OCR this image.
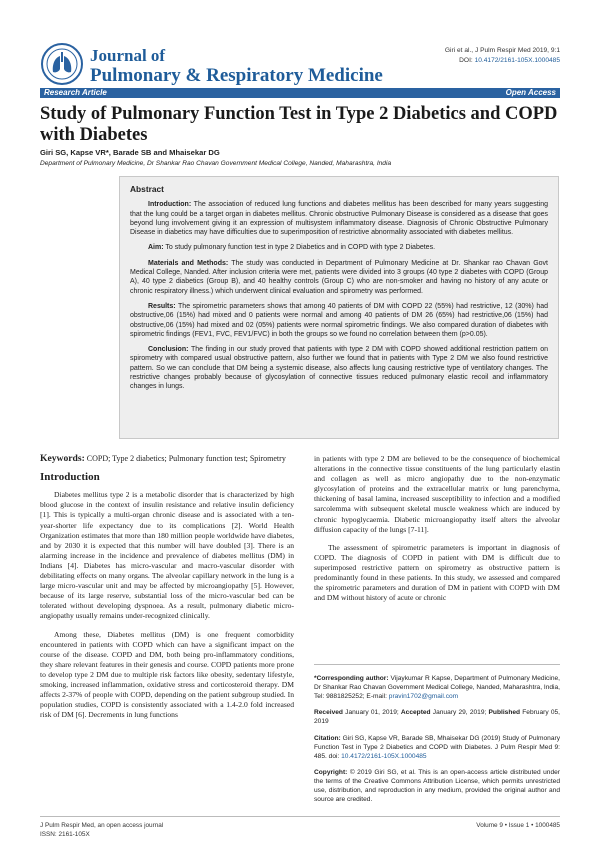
Journal of
Pulmonary & Respiratory Medicine
Giri et al., J Pulm Respir Med 2019, 9:1
DOI: 10.4172/2161-105X.1000485
Research Article	Open Access
Study of Pulmonary Function Test in Type 2 Diabetics and COPD with Diabetes
Giri SG, Kapse VR*, Barade SB and Mhaisekar DG
Department of Pulmonary Medicine, Dr Shankar Rao Chavan Government Medical College, Nanded, Maharashtra, India
Abstract

Introduction: The association of reduced lung functions and diabetes mellitus has been described for many years suggesting that the lung could be a target organ in diabetes mellitus. Chronic obstructive Pulmonary Disease is considered as a disease that goes beyond lung involvement giving it an expression of multisystem inflammatory disease. Diagnosis of Chronic Obstructive Pulmonary Disease in diabetics may have difficulties due to superimposition of restrictive abnormality associated with diabetes mellitus.

Aim: To study pulmonary function test in type 2 Diabetics and in COPD with type 2 Diabetes.

Materials and Methods: The study was conducted in Department of Pulmonary Medicine at Dr. Shankar rao Chavan Govt Medical College, Nanded. After inclusion criteria were met, patients were divided into 3 groups (40 type 2 diabetes with COPD (Group A), 40 type 2 diabetics (Group B), and 40 healthy controls (Group C) who are non-smoker and having no history of any acute or chronic respiratory illness.) which underwent clinical evaluation and spirometry was performed.

Results: The spirometric parameters shows that among 40 patients of DM with COPD 22 (55%) had restrictive, 12 (30%) had obstructive,06 (15%) had mixed and 0 patients were normal and among 40 patients of DM 26 (65%) had restrictive,06 (15%) had obstructive,06 (15%) had mixed and 02 (05%) patients were normal spirometric findings. We also compared duration of diabetes with spirometric findings (FEV1, FVC, FEV1/FVC) in both the groups so we found no correlation between them (p>0.05).

Conclusion: The finding in our study proved that patients with type 2 DM with COPD showed additional restriction pattern on spirometry with compared usual obstructive pattern, also further we found that in patients with Type 2 DM we also found restrictive pattern. So we can conclude that DM being a systemic disease, also affects lung causing restrictive type of ventilatory changes. The restrictive changes probably because of glycosylation of connective tissues reduced pulmonary elastic recoil and inflammatory changes in lungs.

Keywords: COPD; Type 2 diabetics; Pulmonary function test; Spirometry

Introduction

Diabetes mellitus type 2 is a metabolic disorder that is characterized by high blood glucose in the context of insulin resistance and relative insulin deficiency [1]. This is typically a multi-organ chronic disease and is associated with a ten-year-shorter life expectancy due to its complications [2]. World Health Organization estimates that more than 180 million people worldwide have diabetes, and by 2030 it is expected that this number will have doubled [3]. There is an alarming increase in the incidence and prevalence of diabetes mellitus (DM) in Indians [4]. Diabetes has micro-vascular and macro-vascular disorder with debilitating effects on many organs. The alveolar capillary network in the lung is a large micro-vascular unit and may be affected by microangiopathy [5]. However, because of its large reserve, substantial loss of the micro-vascular bed can be tolerated without developing dyspnoea. As a result, pulmonary diabetic micro-angiopathy usually remains under-recognized clinically.

Among these, Diabetes mellitus (DM) is one frequent comorbidity encountered in patients with COPD which can have a significant impact on the course of the disease. COPD and DM, both being pro-inflammatory conditions, they share relevant features in their genesis and course. COPD patients more prone to develop type 2 DM due to multiple risk factors like obesity, sedentary lifestyle, smoking, increased inflammation, oxidative stress and corticosteroid therapy. DM affects 2-37% of people with COPD, depending on the patient subgroup studied. In population studies, COPD is consistently associated with a 1.4-2.0 fold increased risk of DM [6]. Decrements in lung functions

in patients with type 2 DM are believed to be the consequence of biochemical alterations in the connective tissue constituents of the lung particularly elastin and collagen as well as micro angiopathy due to the non-enzymatic glycosylation of proteins and the extracellular matrix or lung parenchyma, thickening of basal lamina, increased susceptibility to infection and a modified sarcolemma with subsequent skeletal muscle weakness which are induced by chronic hypoglycaemia. Diabetic microangiopathy itself alters the alveolar diffusion capacity of the lungs [7-11].

The assessment of spirometric parameters is important in diagnosis of COPD. The diagnosis of COPD in patient with DM is difficult due to superimposed restrictive pattern on spirometry as obstructive pattern is predominantly found in these patients. In this study, we assessed and compared the spirometric parameters and duration of DM in patient with COPD with DM and DM without history of acute or chronic

*Corresponding author: Vijaykumar R Kapse, Department of Pulmonary Medicine, Dr Shankar Rao Chavan Government Medical College, Nanded, Maharashtra, India, Tel: 9881825252; E-mail: pravin1702@gmail.com

Received January 01, 2019; Accepted January 29, 2019; Published February 05, 2019

Citation: Giri SG, Kapse VR, Barade SB, Mhaisekar DG (2019) Study of Pulmonary Function Test in Type 2 Diabetics and COPD with Diabetes. J Pulm Respir Med 9: 485. doi: 10.4172/2161-105X.1000485

Copyright: © 2019 Giri SG, et al. This is an open-access article distributed under the terms of the Creative Commons Attribution License, which permits unrestricted use, distribution, and reproduction in any medium, provided the original author and source are credited.

J Pulm Respir Med, an open access journal
ISSN: 2161-105X
Volume 9 • Issue 1 • 1000485
